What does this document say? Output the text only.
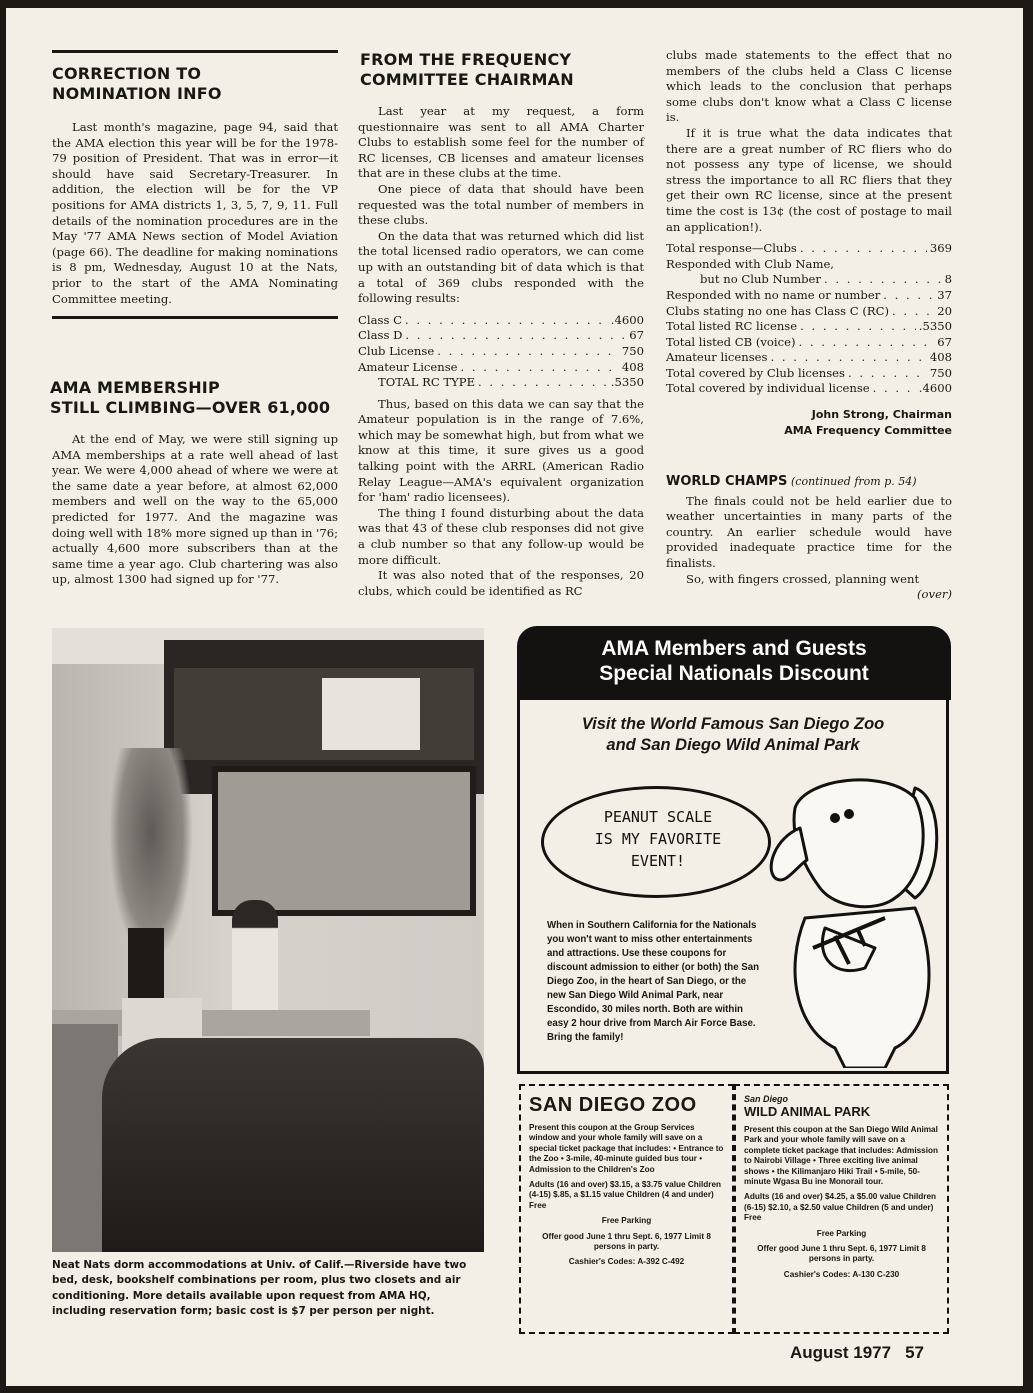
CORRECTION TO
NOMINATION INFO

Last month's magazine, page 94, said that the AMA election this year will be for the 1978-79 position of President. That was in error—it should have said Secretary-Treasurer. In addition, the election will be for the VP positions for AMA districts 1, 3, 5, 7, 9, 11. Full details of the nomination procedures are in the May '77 AMA News section of Model Aviation (page 66). The deadline for making nominations is 8 pm, Wednesday, August 10 at the Nats, prior to the start of the AMA Nominating Committee meeting.

AMA MEMBERSHIP
STILL CLIMBING—OVER 61,000

At the end of May, we were still signing up AMA memberships at a rate well ahead of last year. We were 4,000 ahead of where we were at the same date a year before, at almost 62,000 members and well on the way to the 65,000 predicted for 1977. And the magazine was doing well with 18% more signed up than in '76; actually 4,600 more subscribers than at the same time a year ago. Club chartering was also up, almost 1300 had signed up for '77.

FROM THE FREQUENCY
COMMITTEE CHAIRMAN

Last year at my request, a form questionnaire was sent to all AMA Charter Clubs to establish some feel for the number of RC licenses, CB licenses and amateur licenses that are in these clubs at the time.

One piece of data that should have been requested was the total number of members in these clubs.

On the data that was returned which did list the total licensed radio operators, we can come up with an outstanding bit of data which is that a total of 369 clubs responded with the following results:

Class C . . .	.4600
Class D . . .	67
Club License . . .	750
Amateur License . . .	408
TOTAL RC TYPE . . .	.5350

Thus, based on this data we can say that the Amateur population is in the range of 7.6%, which may be somewhat high, but from what we know at this time, it sure gives us a good talking point with the ARRL (American Radio Relay League—AMA's equivalent organization for 'ham' radio licensees).

The thing I found disturbing about the data was that 43 of these club responses did not give a club number so that any follow-up would be more difficult.

It was also noted that of the responses, 20 clubs, which could be identified as RC

clubs made statements to the effect that no members of the clubs held a Class C license which leads to the conclusion that perhaps some clubs don't know what a Class C license is.

If it is true what the data indicates that there are a great number of RC fliers who do not possess any type of license, we should stress the importance to all RC fliers that they get their own RC license, since at the present time the cost is 13¢ (the cost of postage to mail an application!).

Total response—Clubs . . .	369
Responded with Club Name,
but no Club Number . . .	8
Responded with no name or number . . .	37
Clubs stating no one has Class C (RC) . . .	20
Total listed RC license . . .	.5350
Total listed CB (voice) . . .	67
Amateur licenses . . .	408
Total covered by Club licenses . . .	750
Total covered by individual license . . .	.4600
John Strong, Chairman
AMA Frequency Committee
WORLD CHAMPS (continued from p. 54)

The finals could not be held earlier due to weather uncertainties in many parts of the country. An earlier schedule would have provided inadequate practice time for the finalists.

So, with fingers crossed, planning went

(over)
Neat Nats dorm accommodations at Univ. of Calif.—Riverside have two bed, desk, bookshelf combinations per room, plus two closets and air conditioning. More details available upon request from AMA HQ, including reservation form; basic cost is $7 per person per night.
AMA Members and Guests
Special Nationals Discount
Visit the World Famous San Diego Zoo
and San Diego Wild Animal Park
PEANUT SCALE
IS MY FAVORITE
EVENT!
When in Southern California for the Nationals you won't want to miss other entertainments and attractions. Use these coupons for discount admission to either (or both) the San Diego Zoo, in the heart of San Diego, or the new San Diego Wild Animal Park, near Escondido, 30 miles north. Both are within easy 2 hour drive from March Air Force Base. Bring the family!
SAN DIEGO ZOO
Present this coupon at the Group Services window and your whole family will save on a special ticket package that includes: • Entrance to the Zoo • 3-mile, 40-minute guided bus tour • Admission to the Children's Zoo
Adults (16 and over) $3.15, a $3.75 value Children (4-15) $.85, a $1.15 value Children (4 and under) Free
Free Parking
Offer good June 1 thru Sept. 6, 1977 Limit 8 persons in party.
Cashier's Codes: A-392 C-492
San Diego
WILD ANIMAL PARK
Present this coupon at the San Diego Wild Animal Park and your whole family will save on a complete ticket package that includes: Admission to Nairobi Village • Three exciting live animal shows • the Kilimanjaro Hiki Trail • 5-mile, 50-minute Wgasa Bu ine Monorail tour.
Adults (16 and over) $4.25, a $5.00 value Children (6-15) $2.10, a $2.50 value Children (5 and under) Free
Free Parking
Offer good June 1 thru Sept. 6, 1977 Limit 8 persons in party.
Cashier's Codes: A-130 C-230
August 1977 57
